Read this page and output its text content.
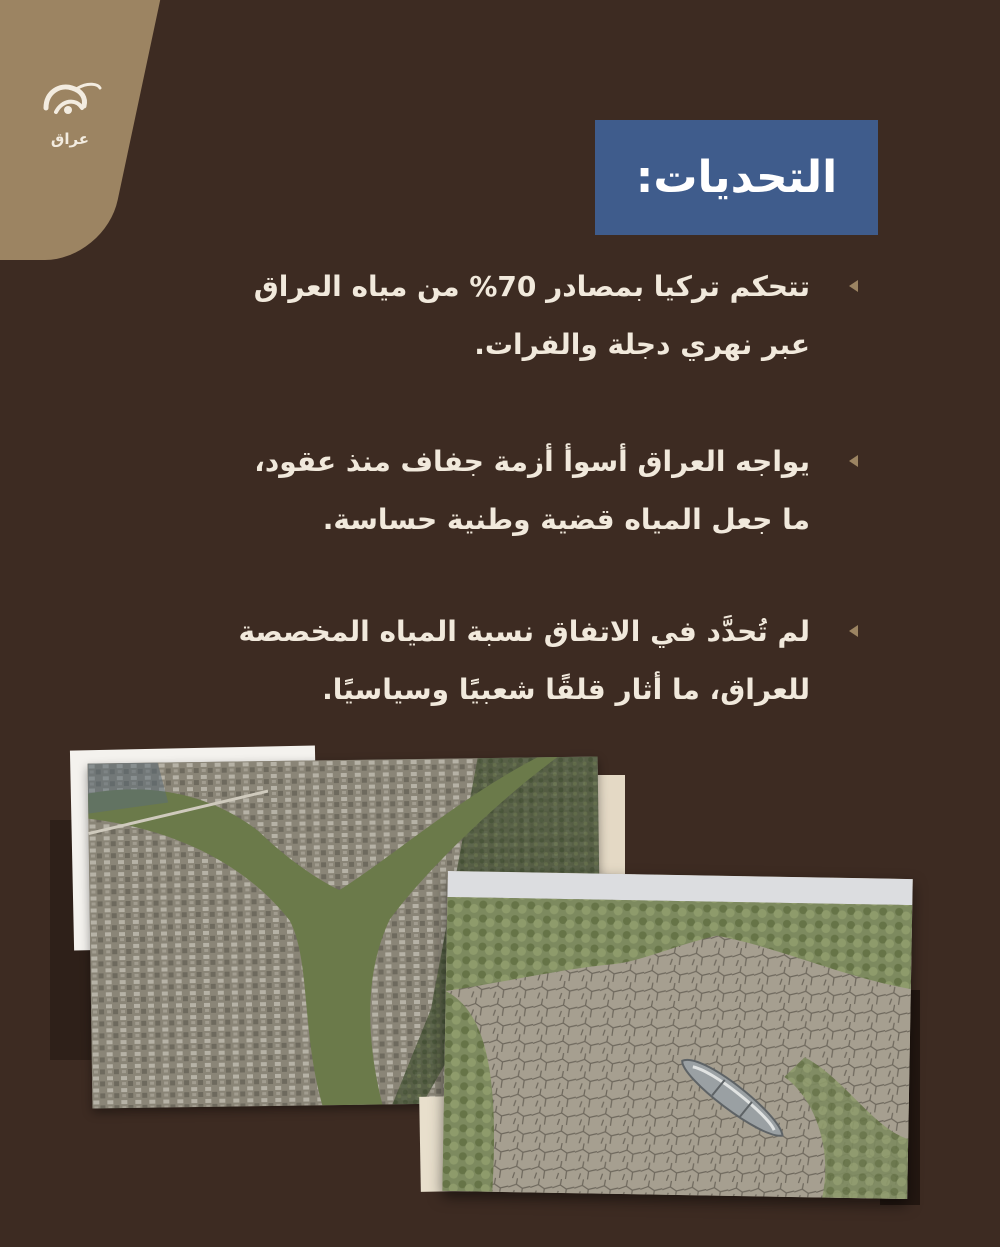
عراق
التحديات:
تتحكم تركيا بمصادر 70% من مياه العراق
عبر نهري دجلة والفرات.
يواجه العراق أسوأ أزمة جفاف منذ عقود،
ما جعل المياه قضية وطنية حساسة.
لم تُحدَّد في الاتفاق نسبة المياه المخصصة
للعراق، ما أثار قلقًا شعبيًا وسياسيًا.
